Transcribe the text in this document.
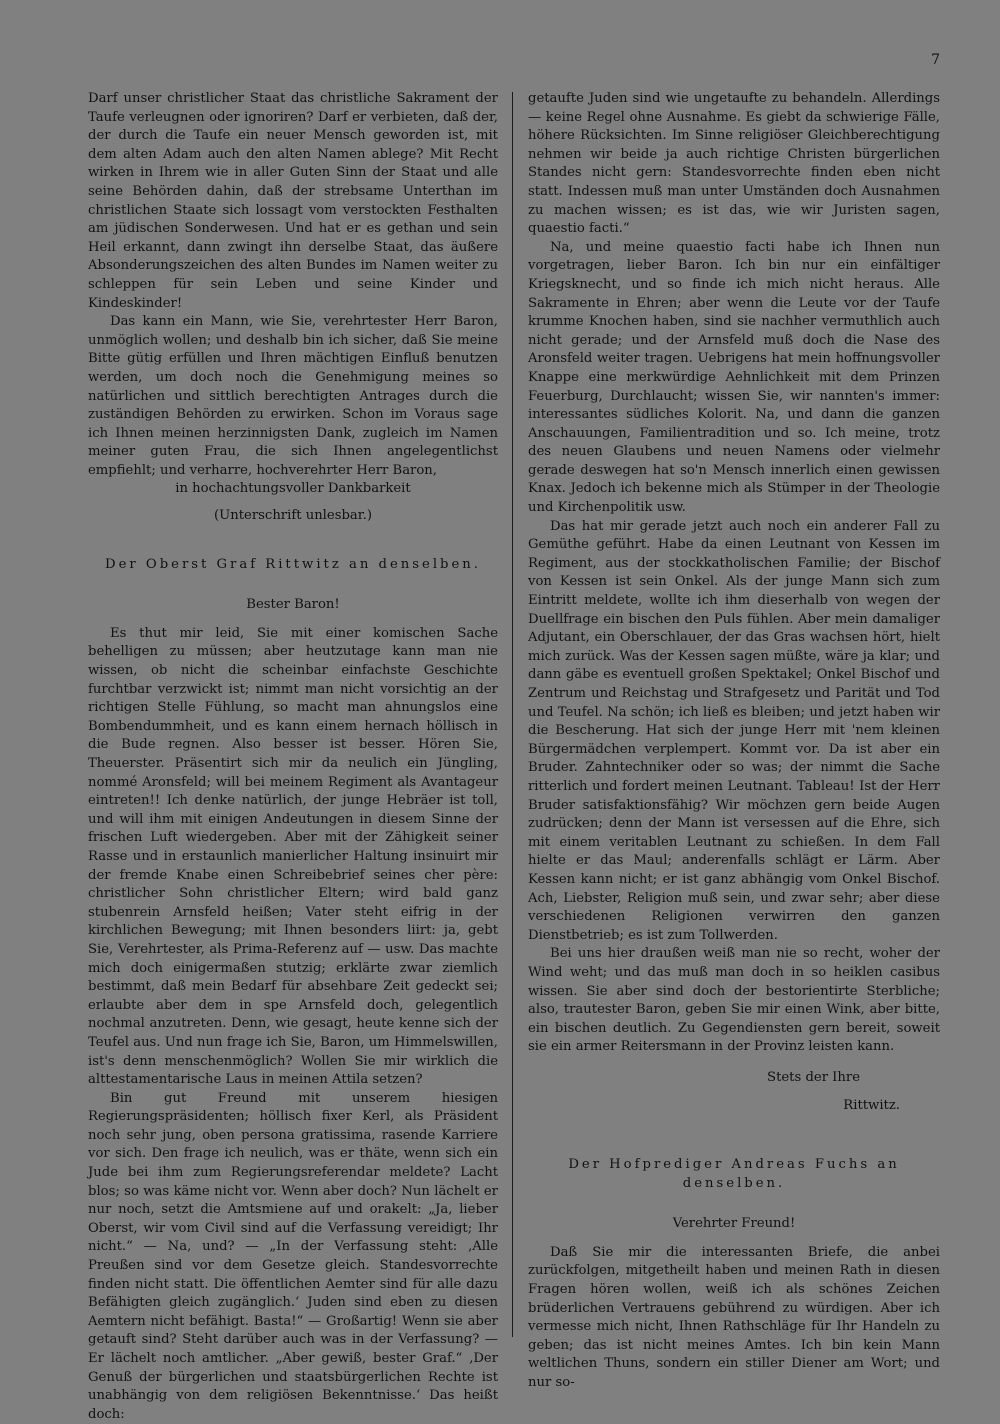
7

Darf unser christlicher Staat das christliche Sakrament der Taufe verleugnen oder ignoriren? Darf er verbieten, daß der, der durch die Taufe ein neuer Mensch geworden ist, mit dem alten Adam auch den alten Namen ablege? Mit Recht wirken in Ihrem wie in aller Guten Sinn der Staat und alle seine Behörden dahin, daß der strebsame Unterthan im christlichen Staate sich lossagt vom verstockten Festhalten am jüdischen Sonderwesen. Und hat er es gethan und sein Heil erkannt, dann zwingt ihn derselbe Staat, das äußere Absonderungszeichen des alten Bundes im Namen weiter zu schleppen für sein Leben und seine Kinder und Kindeskinder!

Das kann ein Mann, wie Sie, verehrtester Herr Baron, unmöglich wollen; und deshalb bin ich sicher, daß Sie meine Bitte gütig erfüllen und Ihren mächtigen Einfluß benutzen werden, um doch noch die Genehmigung meines so natürlichen und sittlich berechtigten Antrages durch die zuständigen Behörden zu erwirken. Schon im Voraus sage ich Ihnen meinen herzinnigsten Dank, zugleich im Namen meiner guten Frau, die sich Ihnen angelegentlichst empfiehlt; und verharre, hochverehrter Herr Baron,

in hochachtungsvoller Dankbarkeit

(Unterschrift unlesbar.)

Der Oberst Graf Rittwitz an denselben.

Bester Baron!

Es thut mir leid, Sie mit einer komischen Sache behelligen zu müssen; aber heutzutage kann man nie wissen, ob nicht die scheinbar einfachste Geschichte furchtbar verzwickt ist; nimmt man nicht vorsichtig an der richtigen Stelle Fühlung, so macht man ahnungslos eine Bombendummheit, und es kann einem hernach höllisch in die Bude regnen. Also besser ist besser. Hören Sie, Theuerster. Präsentirt sich mir da neulich ein Jüngling, nommé Aronsfeld; will bei meinem Regiment als Avantageur eintreten!! Ich denke natürlich, der junge Hebräer ist toll, und will ihm mit einigen Andeutungen in diesem Sinne der frischen Luft wiedergeben. Aber mit der Zähigkeit seiner Rasse und in erstaunlich manierlicher Haltung insinuirt mir der fremde Knabe einen Schreibebrief seines cher père: christlicher Sohn christlicher Eltern; wird bald ganz stubenrein Arnsfeld heißen; Vater steht eifrig in der kirchlichen Bewegung; mit Ihnen besonders liirt: ja, gebt Sie, Verehrtester, als Prima-Referenz auf — usw. Das machte mich doch einigermaßen stutzig; erklärte zwar ziemlich bestimmt, daß mein Bedarf für absehbare Zeit gedeckt sei; erlaubte aber dem in spe Arnsfeld doch, gelegentlich nochmal anzutreten. Denn, wie gesagt, heute kenne sich der Teufel aus. Und nun frage ich Sie, Baron, um Himmelswillen, ist's denn menschenmöglich? Wollen Sie mir wirklich die alttestamentarische Laus in meinen Attila setzen?

Bin gut Freund mit unserem hiesigen Regierungspräsidenten; höllisch fixer Kerl, als Präsident noch sehr jung, oben persona gratissima, rasende Karriere vor sich. Den frage ich neulich, was er thäte, wenn sich ein Jude bei ihm zum Regierungsreferendar meldete? Lacht blos; so was käme nicht vor. Wenn aber doch? Nun lächelt er nur noch, setzt die Amtsmiene auf und orakelt: „Ja, lieber Oberst, wir vom Civil sind auf die Verfassung vereidigt; Ihr nicht.“ — Na, und? — „In der Verfassung steht: ‚Alle Preußen sind vor dem Gesetze gleich. Standesvorrechte finden nicht statt. Die öffentlichen Aemter sind für alle dazu Befähigten gleich zugänglich.‘ Juden sind eben zu diesen Aemtern nicht befähigt. Basta!“ — Großartig! Wenn sie aber getauft sind? Steht darüber auch was in der Verfassung? — Er lächelt noch amtlicher. „Aber gewiß, bester Graf.“ ‚Der Genuß der bürgerlichen und staatsbürgerlichen Rechte ist unabhängig von dem religiösen Bekenntnisse.‘ Das heißt doch:

getaufte Juden sind wie ungetaufte zu behandeln. Allerdings — keine Regel ohne Ausnahme. Es giebt da schwierige Fälle, höhere Rücksichten. Im Sinne religiöser Gleichberechtigung nehmen wir beide ja auch richtige Christen bürgerlichen Standes nicht gern: Standesvorrechte finden eben nicht statt. Indessen muß man unter Umständen doch Ausnahmen zu machen wissen; es ist das, wie wir Juristen sagen, quaestio facti.“

Na, und meine quaestio facti habe ich Ihnen nun vorgetragen, lieber Baron. Ich bin nur ein einfältiger Kriegsknecht, und so finde ich mich nicht heraus. Alle Sakramente in Ehren; aber wenn die Leute vor der Taufe krumme Knochen haben, sind sie nachher vermuthlich auch nicht gerade; und der Arnsfeld muß doch die Nase des Aronsfeld weiter tragen. Uebrigens hat mein hoffnungsvoller Knappe eine merkwürdige Aehnlichkeit mit dem Prinzen Feuerburg, Durchlaucht; wissen Sie, wir nannten's immer: interessantes südliches Kolorit. Na, und dann die ganzen Anschauungen, Familientradition und so. Ich meine, trotz des neuen Glaubens und neuen Namens oder vielmehr gerade deswegen hat so'n Mensch innerlich einen gewissen Knax. Jedoch ich bekenne mich als Stümper in der Theologie und Kirchenpolitik usw.

Das hat mir gerade jetzt auch noch ein anderer Fall zu Gemüthe geführt. Habe da einen Leutnant von Kessen im Regiment, aus der stockkatholischen Familie; der Bischof von Kessen ist sein Onkel. Als der junge Mann sich zum Eintritt meldete, wollte ich ihm dieserhalb von wegen der Duellfrage ein bischen den Puls fühlen. Aber mein damaliger Adjutant, ein Oberschlauer, der das Gras wachsen hört, hielt mich zurück. Was der Kessen sagen müßte, wäre ja klar; und dann gäbe es eventuell großen Spektakel; Onkel Bischof und Zentrum und Reichstag und Strafgesetz und Parität und Tod und Teufel. Na schön; ich ließ es bleiben; und jetzt haben wir die Bescherung. Hat sich der junge Herr mit 'nem kleinen Bürgermädchen verplempert. Kommt vor. Da ist aber ein Bruder. Zahntechniker oder so was; der nimmt die Sache ritterlich und fordert meinen Leutnant. Tableau! Ist der Herr Bruder satisfaktionsfähig? Wir möchzen gern beide Augen zudrücken; denn der Mann ist versessen auf die Ehre, sich mit einem veritablen Leutnant zu schießen. In dem Fall hielte er das Maul; anderenfalls schlägt er Lärm. Aber Kessen kann nicht; er ist ganz abhängig vom Onkel Bischof. Ach, Liebster, Religion muß sein, und zwar sehr; aber diese verschiedenen Religionen verwirren den ganzen Dienstbetrieb; es ist zum Tollwerden.

Bei uns hier draußen weiß man nie so recht, woher der Wind weht; und das muß man doch in so heiklen casibus wissen. Sie aber sind doch der bestorientirte Sterbliche; also, trautester Baron, geben Sie mir einen Wink, aber bitte, ein bischen deutlich. Zu Gegendiensten gern bereit, soweit sie ein armer Reitersmann in der Provinz leisten kann.

Stets der Ihre

Rittwitz.

Der Hofprediger Andreas Fuchs an denselben.

Verehrter Freund!

Daß Sie mir die interessanten Briefe, die anbei zurückfolgen, mitgetheilt haben und meinen Rath in diesen Fragen hören wollen, weiß ich als schönes Zeichen brüderlichen Vertrauens gebührend zu würdigen. Aber ich vermesse mich nicht, Ihnen Rathschläge für Ihr Handeln zu geben; das ist nicht meines Amtes. Ich bin kein Mann weltlichen Thuns, sondern ein stiller Diener am Wort; und nur so-
